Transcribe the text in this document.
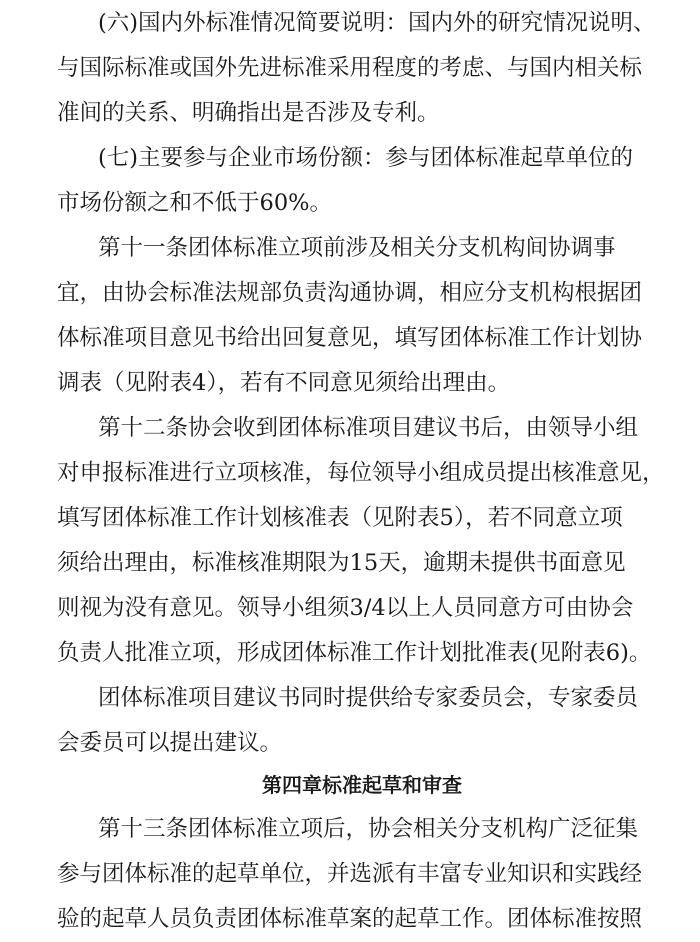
(六)国内外标准情况简要说明：国内外的研究情况说明、
与国际标准或国外先进标准采用程度的考虑、与国内相关标
准间的关系、明确指出是否涉及专利。
(七)主要参与企业市场份额：参与团体标准起草单位的
市场份额之和不低于60%。
第十一条团体标准立项前涉及相关分支机构间协调事
宜，由协会标准法规部负责沟通协调，相应分支机构根据团
体标准项目意见书给出回复意见，填写团体标准工作计划协
调表（见附表4），若有不同意见须给出理由。
第十二条协会收到团体标准项目建议书后，由领导小组
对申报标准进行立项核准，每位领导小组成员提出核准意见，
填写团体标准工作计划核准表（见附表5），若不同意立项
须给出理由，标准核准期限为15天，逾期未提供书面意见
则视为没有意见。领导小组须3/4以上人员同意方可由协会
负责人批准立项，形成团体标准工作计划批准表(见附表6)。
团体标准项目建议书同时提供给专家委员会，专家委员
会委员可以提出建议。
第四章标准起草和审查
第十三条团体标准立项后，协会相关分支机构广泛征集
参与团体标准的起草单位，并选派有丰富专业知识和实践经
验的起草人员负责团体标准草案的起草工作。团体标准按照
